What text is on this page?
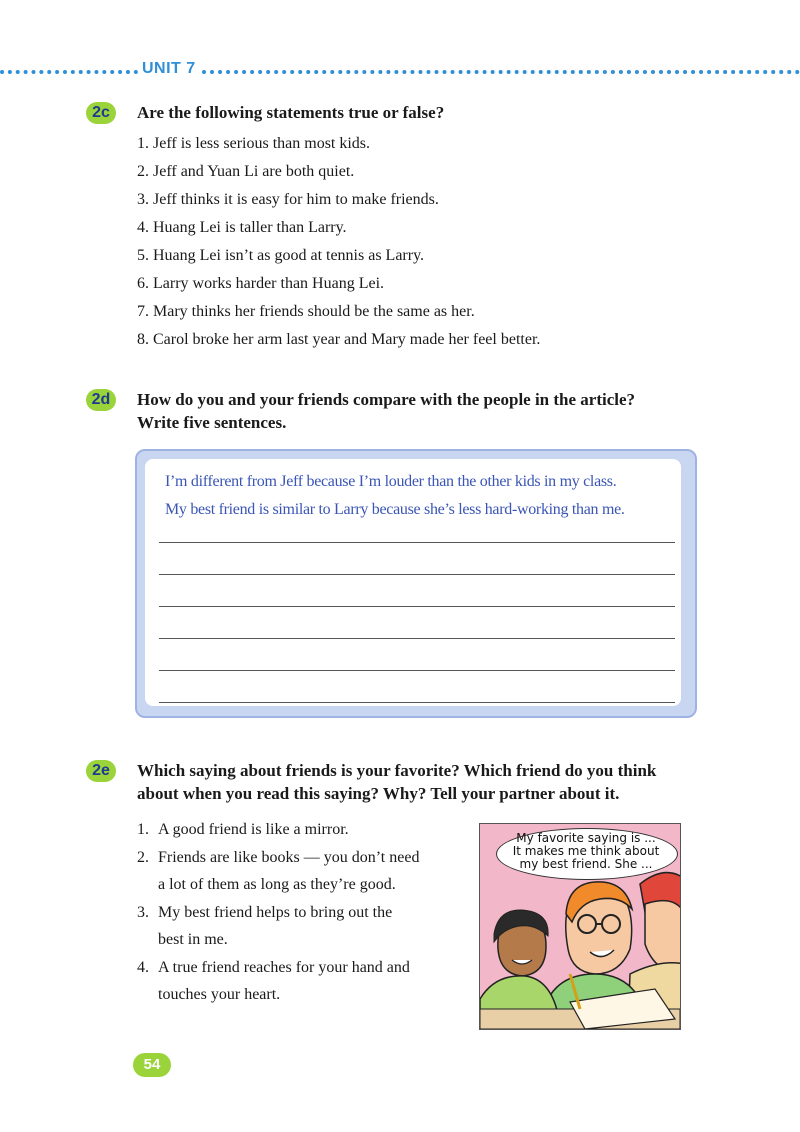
UNIT 7
2c	Are the following statements true or false?
1. Jeff is less serious than most kids.
2. Jeff and Yuan Li are both quiet.
3. Jeff thinks it is easy for him to make friends.
4. Huang Lei is taller than Larry.
5. Huang Lei isn’t as good at tennis as Larry.
6. Larry works harder than Huang Lei.
7. Mary thinks her friends should be the same as her.
8. Carol broke her arm last year and Mary made her feel better.
2d	How do you and your friends compare with the people in the article?
Write five sentences.
I’m different from Jeff because I’m louder than the other kids in my class.
My best friend is similar to Larry because she’s less hard-working than me.
2e	Which saying about friends is your favorite? Which friend do you think
about when you read this saying? Why? Tell your partner about it.
1. A good friend is like a mirror.
2. Friends are like books — you don’t need
a lot of them as long as they’re good.
3. My best friend helps to bring out the
best in me.
4. A true friend reaches for your hand and
touches your heart.
My favorite saying is ...
It makes me think about
my best friend. She ...
54
